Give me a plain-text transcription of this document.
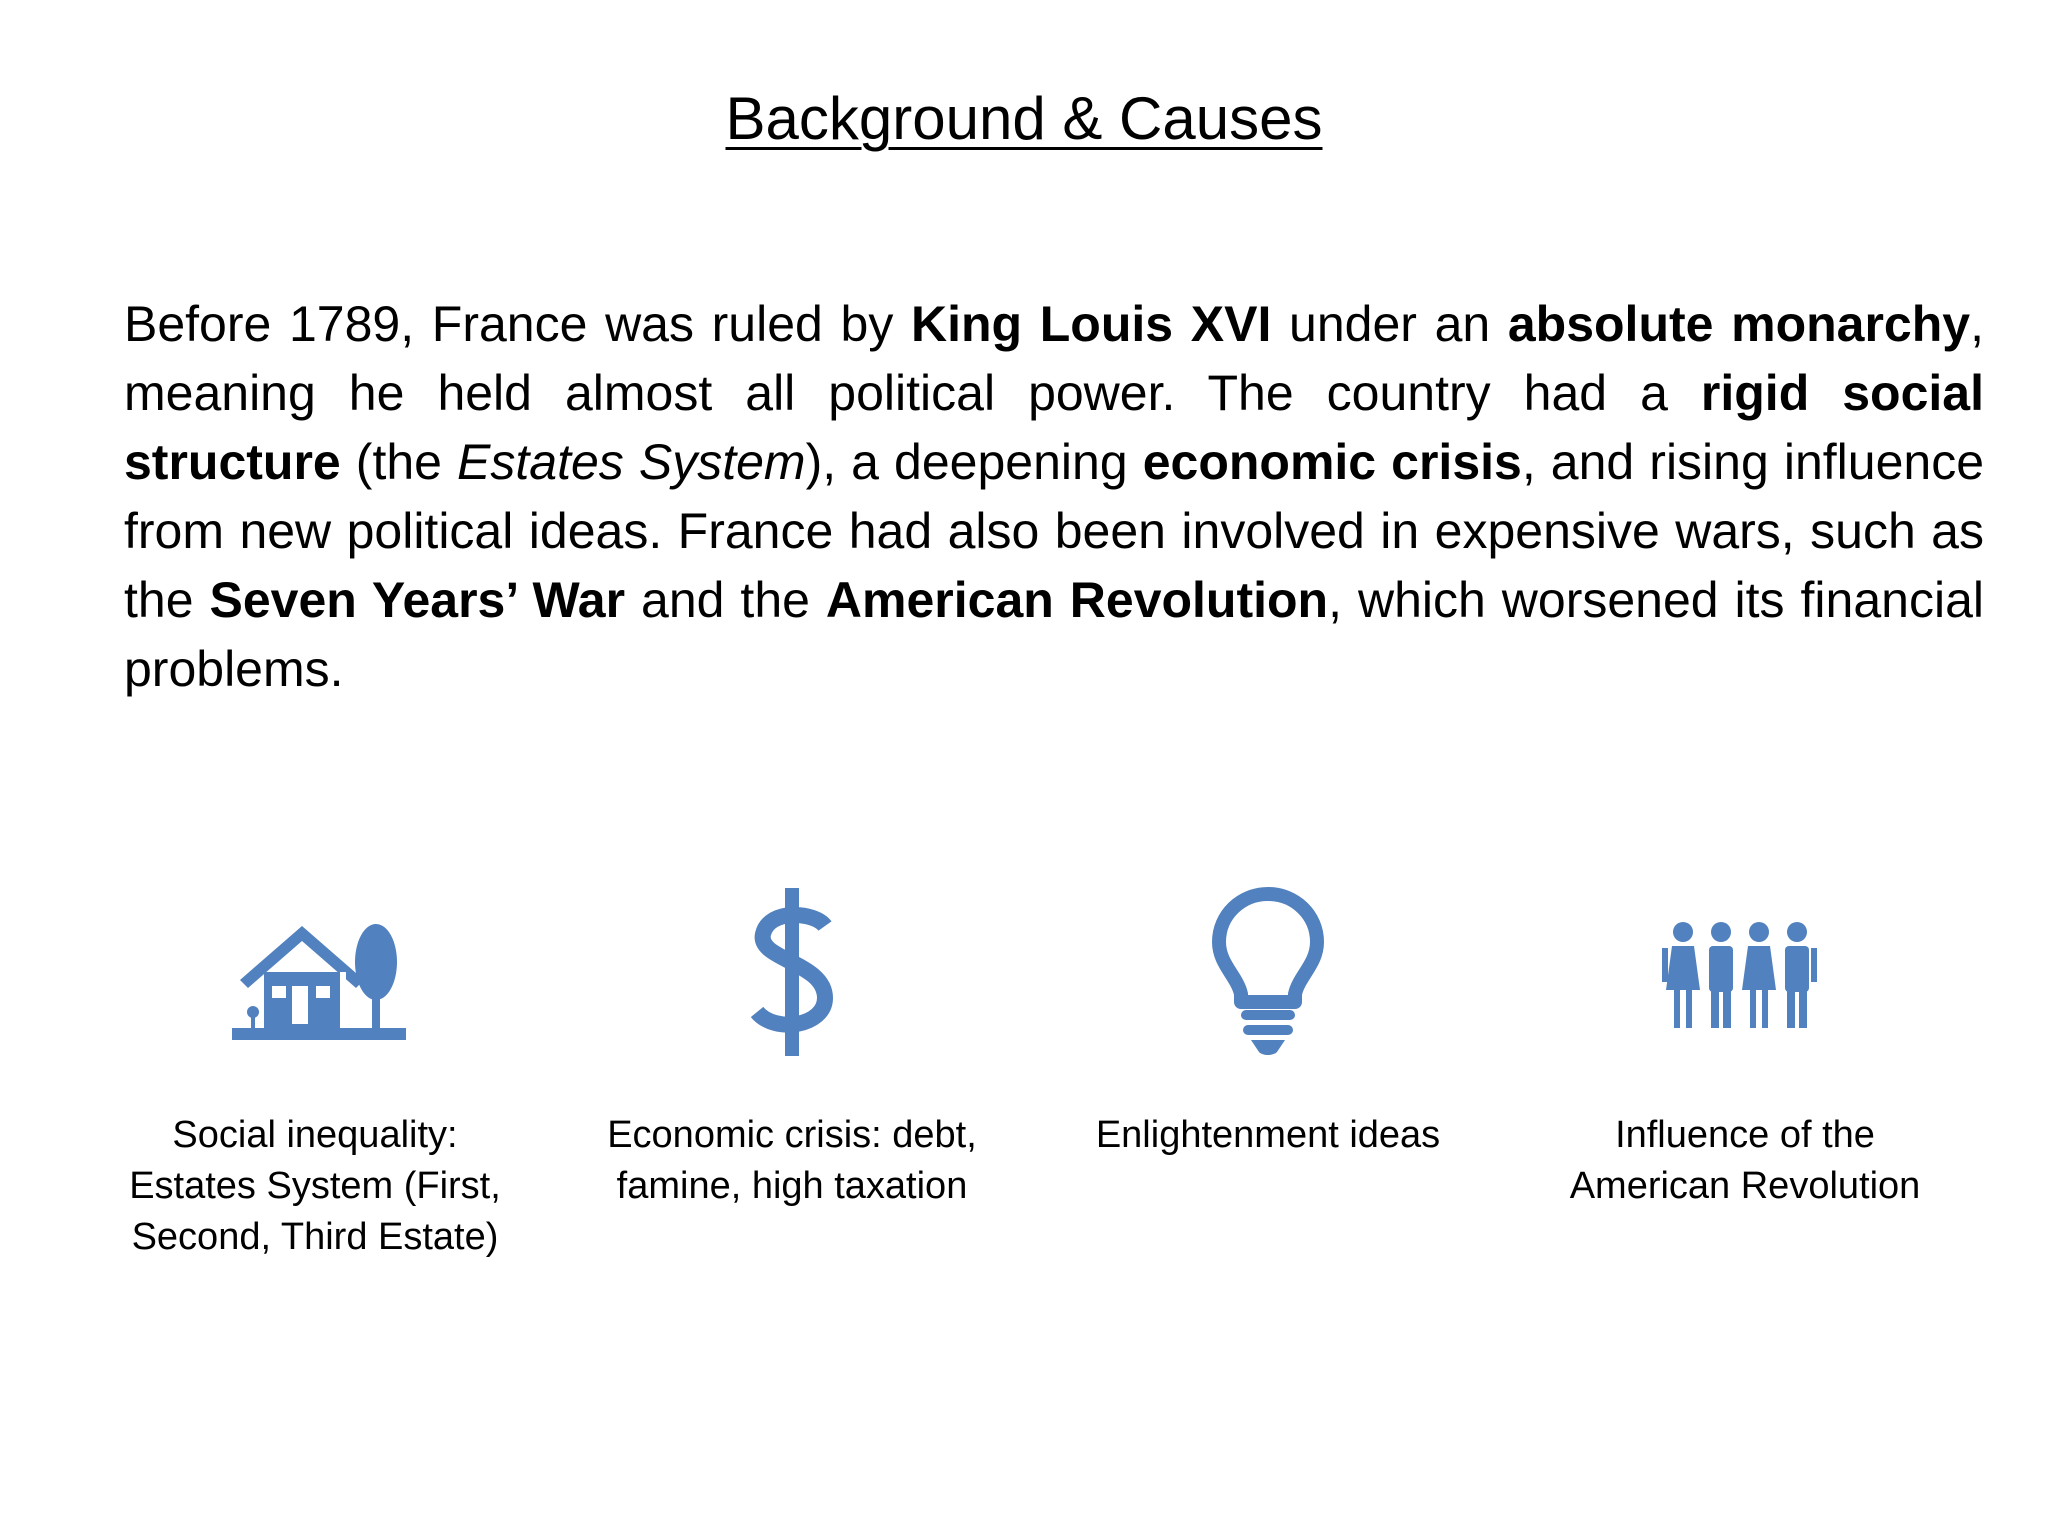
Background & Causes

Before 1789, France was ruled by King Louis XVI under an absolute monarchy, meaning he held almost all political power. The country had a rigid social structure (the Estates System), a deepening economic crisis, and rising influence from new political ideas. France had also been involved in expensive wars, such as the Seven Years’ War and the American Revolution, which worsened its financial problems.

Social inequality: Estates System (First, Second, Third Estate)
Economic crisis: debt, famine, high taxation
Enlightenment ideas	Influence of the American Revolution
